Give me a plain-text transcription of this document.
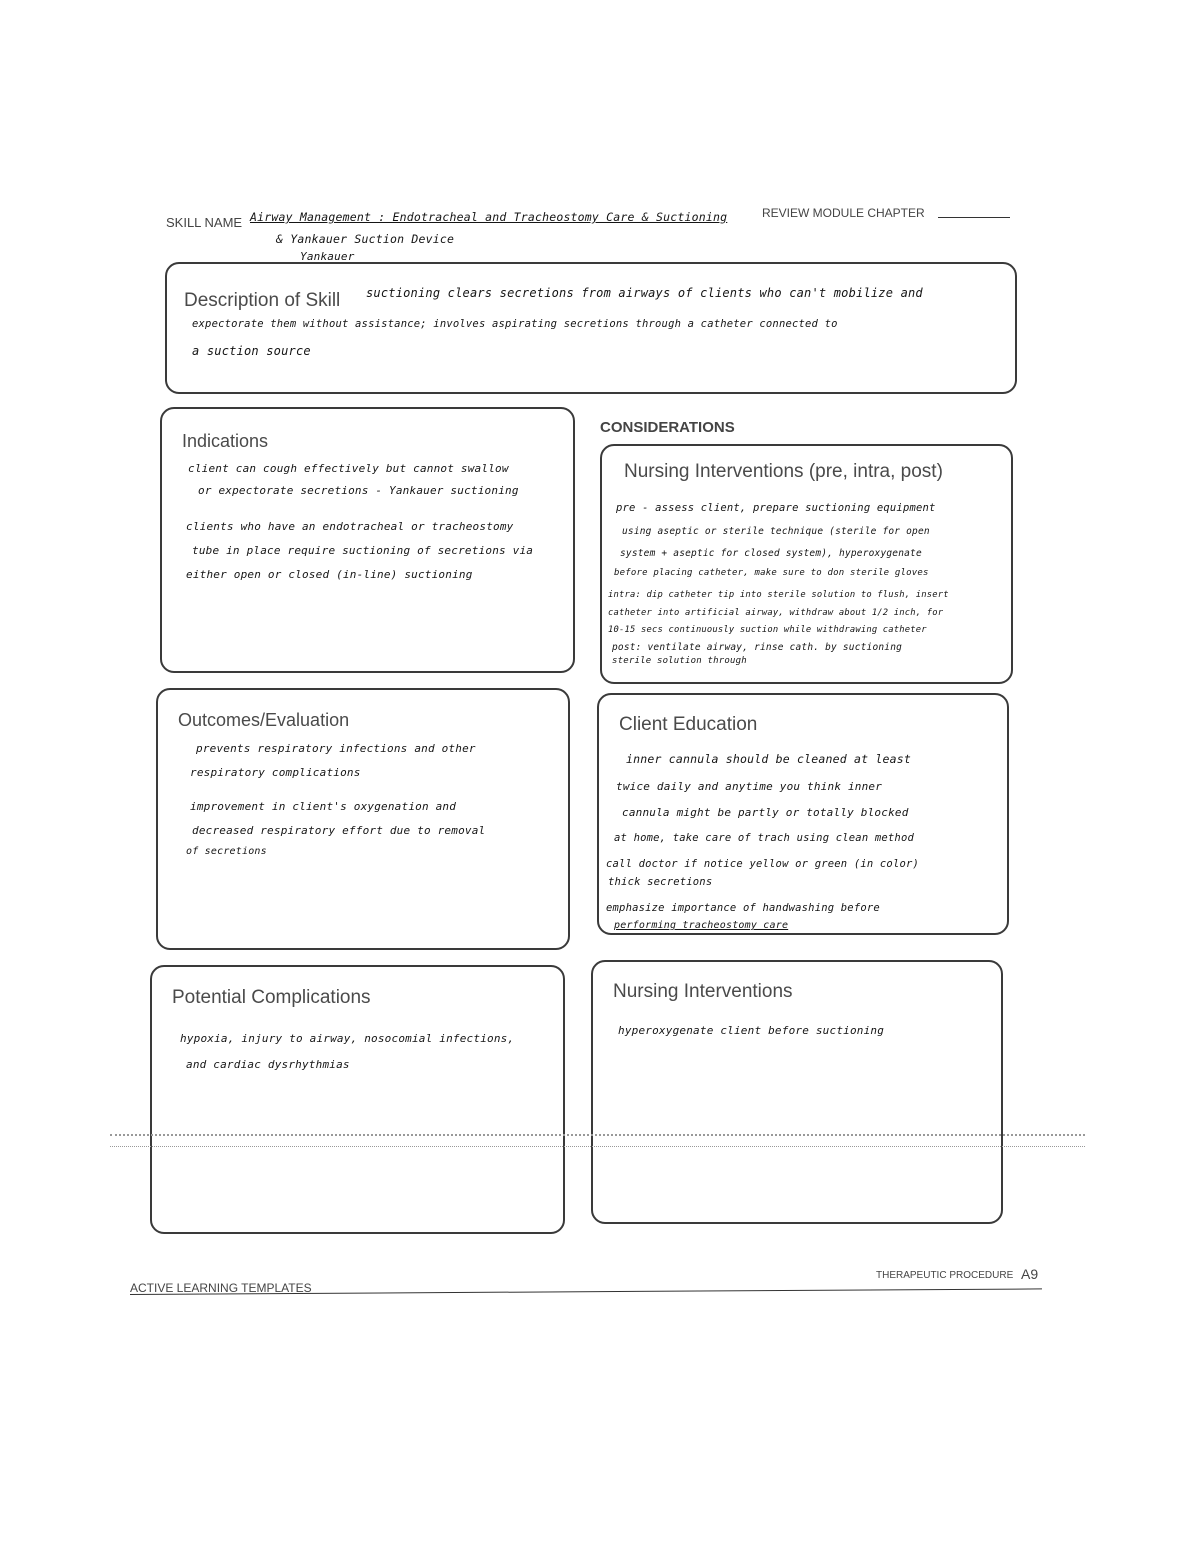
SKILL NAME Airway Management : Endotracheal and Tracheostomy Care & Suctioning	REVIEW MODULE CHAPTER
& Yankauer Suction Device
Yankauer
Description of Skill suctioning clears secretions from airways of clients who can't mobilize and
expectorate them without assistance; involves aspirating secretions through a catheter connected to
a suction source
Indications
client can cough effectively but cannot swallow
or expectorate secretions - Yankauer suctioning
clients who have an endotracheal or tracheostomy
tube in place require suctioning of secretions via
either open or closed (in-line) suctioning
CONSIDERATIONS
Nursing Interventions (pre, intra, post)
pre - assess client, prepare suctioning equipment
using aseptic or sterile technique (sterile for open
system + aseptic for closed system), hyperoxygenate
before placing catheter, make sure to don sterile gloves
intra: dip catheter tip into sterile solution to flush, insert
catheter into artificial airway, withdraw about 1/2 inch, for
10-15 secs continuously suction while withdrawing catheter
post: ventilate airway, rinse cath. by suctioning
sterile solution through
Outcomes/Evaluation
prevents respiratory infections and other
respiratory complications
improvement in client's oxygenation and
decreased respiratory effort due to removal
of secretions
Client Education
inner cannula should be cleaned at least
twice daily and anytime you think inner
cannula might be partly or totally blocked
at home, take care of trach using clean method
call doctor if notice yellow or green (in color)
thick secretions
emphasize importance of handwashing before
performing tracheostomy care
Potential Complications
hypoxia, injury to airway, nosocomial infections,
and cardiac dysrhythmias
Nursing Interventions
hyperoxygenate client before suctioning
ACTIVE LEARNING TEMPLATES
THERAPEUTIC PROCEDURE A9
